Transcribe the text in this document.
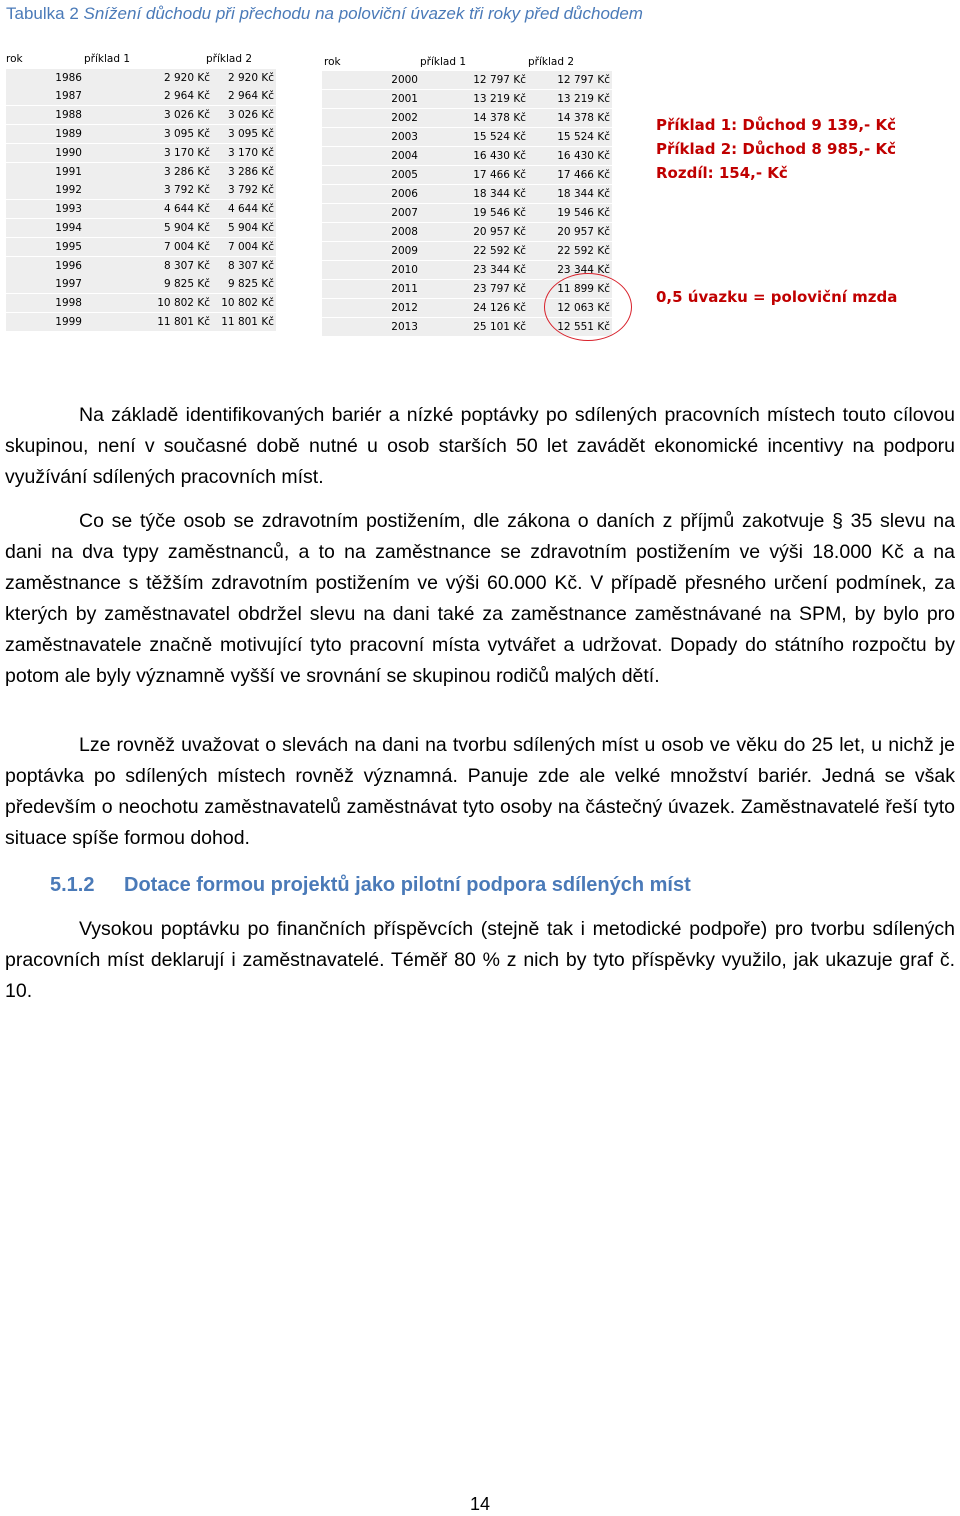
Tabulka 2 Snížení důchodu při přechodu na poloviční úvazek tři roky před důchodem
rok	příklad 1	příklad 2
1986	2 920 Kč	2 920 Kč
1987	2 964 Kč	2 964 Kč
1988	3 026 Kč	3 026 Kč
1989	3 095 Kč	3 095 Kč
1990	3 170 Kč	3 170 Kč
1991	3 286 Kč	3 286 Kč
1992	3 792 Kč	3 792 Kč
1993	4 644 Kč	4 644 Kč
1994	5 904 Kč	5 904 Kč
1995	7 004 Kč	7 004 Kč
1996	8 307 Kč	8 307 Kč
1997	9 825 Kč	9 825 Kč
1998	10 802 Kč	10 802 Kč
1999	11 801 Kč	11 801 Kč
rok	příklad 1	příklad 2
2000	12 797 Kč	12 797 Kč
2001	13 219 Kč	13 219 Kč
2002	14 378 Kč	14 378 Kč
2003	15 524 Kč	15 524 Kč
2004	16 430 Kč	16 430 Kč
2005	17 466 Kč	17 466 Kč
2006	18 344 Kč	18 344 Kč
2007	19 546 Kč	19 546 Kč
2008	20 957 Kč	20 957 Kč
2009	22 592 Kč	22 592 Kč
2010	23 344 Kč	23 344 Kč
2011	23 797 Kč	11 899 Kč
2012	24 126 Kč	12 063 Kč
2013	25 101 Kč	12 551 Kč
Příklad 1: Důchod 9 139,- Kč
Příklad 2: Důchod 8 985,- Kč
Rozdíl: 154,- Kč
0,5 úvazku = poloviční mzda

Na základě identifikovaných bariér a nízké poptávky po sdílených pracovních místech touto cílovou skupinou, není v současné době nutné u osob starších 50 let zavádět ekonomické incentivy na podporu využívání sdílených pracovních míst.

Co se týče osob se zdravotním postižením, dle zákona o daních z příjmů zakotvuje § 35 slevu na dani na dva typy zaměstnanců, a to na zaměstnance se zdravotním postižením ve výši 18.000 Kč a na zaměstnance s těžším zdravotním postižením ve výši 60.000 Kč. V případě přesného určení podmínek, za kterých by zaměstnavatel obdržel slevu na dani také za zaměstnance zaměstnávané na SPM, by bylo pro zaměstnavatele značně motivující tyto pracovní místa vytvářet a udržovat. Dopady do státního rozpočtu by potom ale byly významně vyšší ve srovnání se skupinou rodičů malých dětí.

Lze rovněž uvažovat o slevách na dani na tvorbu sdílených míst u osob ve věku do 25 let, u nichž je poptávka po sdílených místech rovněž významná. Panuje zde ale velké množství bariér. Jedná se však především o neochotu zaměstnavatelů zaměstnávat tyto osoby na částečný úvazek. Zaměstnavatelé řeší tyto situace spíše formou dohod.

5.1.2 Dotace formou projektů jako pilotní podpora sdílených míst

Vysokou poptávku po finančních příspěvcích (stejně tak i metodické podpoře) pro tvorbu sdílených pracovních míst deklarují i zaměstnavatelé. Téměř 80 % z nich by tyto příspěvky využilo, jak ukazuje graf č. 10.

14
